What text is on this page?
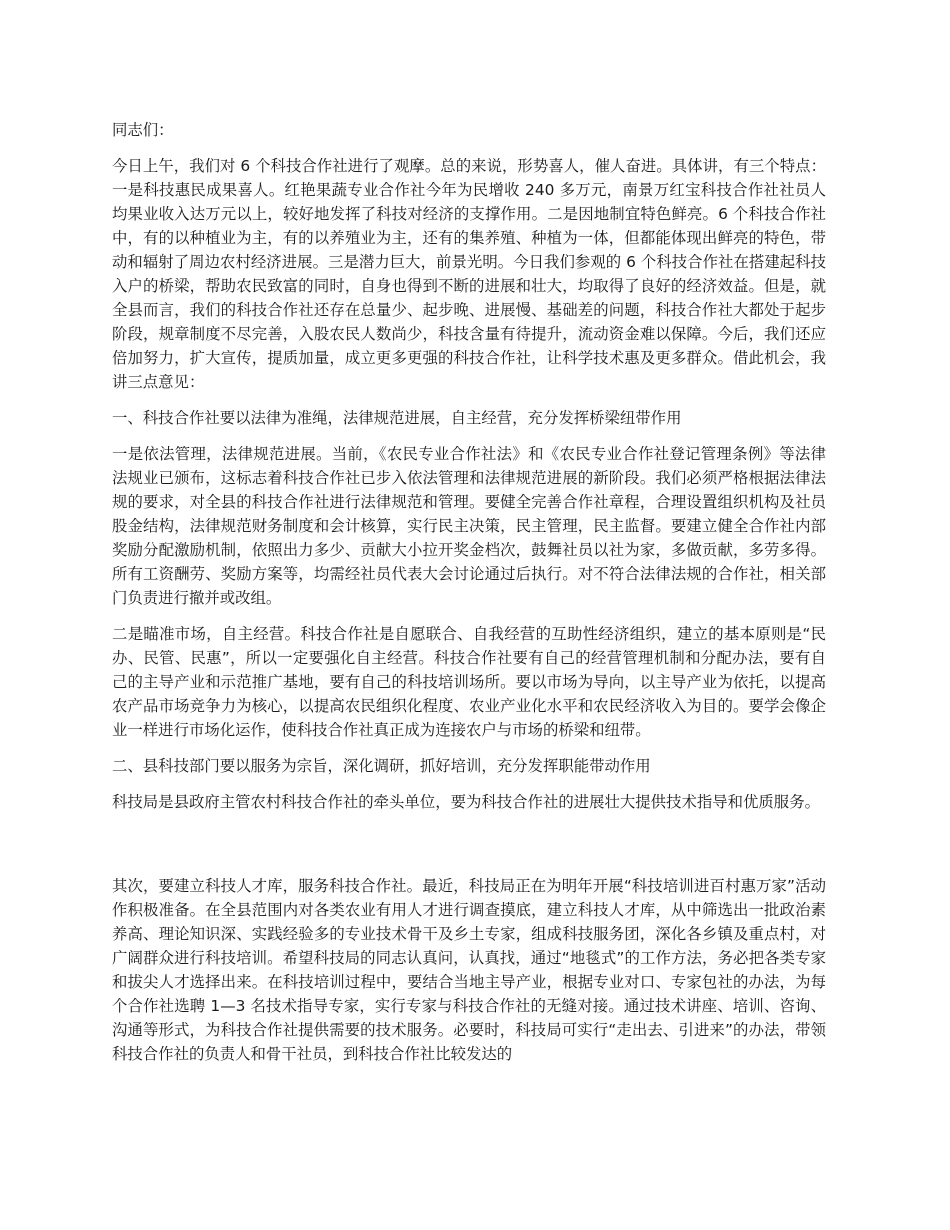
同志们：

今日上午，我们对 6 个科技合作社进行了观摩。总的来说，形势喜人，催人奋进。具体讲，有三个特点：一是科技惠民成果喜人。红艳果蔬专业合作社今年为民增收 240 多万元，南景万红宝科技合作社社员人均果业收入达万元以上，较好地发挥了科技对经济的支撑作用。二是因地制宜特色鲜亮。6 个科技合作社中，有的以种植业为主，有的以养殖业为主，还有的集养殖、种植为一体，但都能体现出鲜亮的特色，带动和辐射了周边农村经济进展。三是潜力巨大，前景光明。今日我们参观的 6 个科技合作社在搭建起科技入户的桥梁，帮助农民致富的同时，自身也得到不断的进展和壮大，均取得了良好的经济效益。但是，就全县而言，我们的科技合作社还存在总量少、起步晚、进展慢、基础差的问题，科技合作社大都处于起步阶段，规章制度不尽完善，入股农民人数尚少，科技含量有待提升，流动资金难以保障。今后，我们还应倍加努力，扩大宣传，提质加量，成立更多更强的科技合作社，让科学技术惠及更多群众。借此机会，我讲三点意见：

一、科技合作社要以法律为准绳，法律规范进展，自主经营，充分发挥桥梁纽带作用

一是依法管理，法律规范进展。当前，《农民专业合作社法》和《农民专业合作社登记管理条例》等法律法规业已颁布，这标志着科技合作社已步入依法管理和法律规范进展的新阶段。我们必须严格根据法律法规的要求，对全县的科技合作社进行法律规范和管理。要健全完善合作社章程，合理设置组织机构及社员股金结构，法律规范财务制度和会计核算，实行民主决策，民主管理，民主监督。要建立健全合作社内部奖励分配激励机制，依照出力多少、贡献大小拉开奖金档次，鼓舞社员以社为家，多做贡献，多劳多得。所有工资酬劳、奖励方案等，均需经社员代表大会讨论通过后执行。对不符合法律法规的合作社，相关部门负责进行撤并或改组。

二是瞄准市场，自主经营。科技合作社是自愿联合、自我经营的互助性经济组织，建立的基本原则是“民办、民管、民惠”，所以一定要强化自主经营。科技合作社要有自己的经营管理机制和分配办法，要有自己的主导产业和示范推广基地，要有自己的科技培训场所。要以市场为导向，以主导产业为依托，以提高农产品市场竞争力为核心，以提高农民组织化程度、农业产业化水平和农民经济收入为目的。要学会像企业一样进行市场化运作，使科技合作社真正成为连接农户与市场的桥梁和纽带。

二、县科技部门要以服务为宗旨，深化调研，抓好培训，充分发挥职能带动作用

科技局是县政府主管农村科技合作社的牵头单位，要为科技合作社的进展壮大提供技术指导和优质服务。

其次，要建立科技人才库，服务科技合作社。最近，科技局正在为明年开展“科技培训进百村惠万家”活动作积极准备。在全县范围内对各类农业有用人才进行调查摸底，建立科技人才库，从中筛选出一批政治素养高、理论知识深、实践经验多的专业技术骨干及乡土专家，组成科技服务团，深化各乡镇及重点村，对广阔群众进行科技培训。希望科技局的同志认真问，认真找，通过“地毯式”的工作方法，务必把各类专家和拔尖人才选择出来。在科技培训过程中，要结合当地主导产业，根据专业对口、专家包社的办法，为每个合作社选聘 1—3 名技术指导专家，实行专家与科技合作社的无缝对接。通过技术讲座、培训、咨询、沟通等形式，为科技合作社提供需要的技术服务。必要时，科技局可实行“走出去、引进来”的办法，带领科技合作社的负责人和骨干社员，到科技合作社比较发达的
